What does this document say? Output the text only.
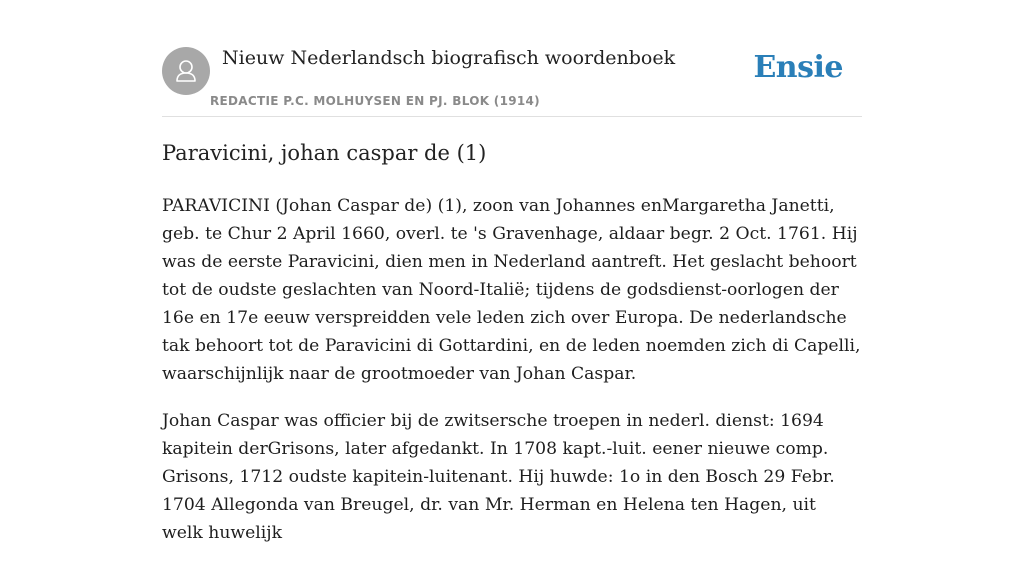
Nieuw Nederlandsch biografisch woordenboek
REDACTIE P.C. MOLHUYSEN EN PJ. BLOK (1914)
Ensie
Paravicini, johan caspar de (1)

PARAVICINI (Johan Caspar de) (1), zoon van Johannes enMargaretha Janetti, geb. te Chur 2 April 1660, overl. te 's Gravenhage, aldaar begr. 2 Oct. 1761. Hij was de eerste Paravicini, dien men in Nederland aantreft. Het geslacht behoort tot de oudste geslachten van Noord-Italië; tijdens de godsdienst-oorlogen der 16e en 17e eeuw verspreidden vele leden zich over Europa. De nederlandsche tak behoort tot de Paravicini di Gottardini, en de leden noemden zich di Capelli, waarschijnlijk naar de grootmoeder van Johan Caspar.

Johan Caspar was officier bij de zwitsersche troepen in nederl. dienst: 1694 kapitein derGrisons, later afgedankt. In 1708 kapt.-luit. eener nieuwe comp. Grisons, 1712 oudste kapitein-luitenant. Hij huwde: 1o in den Bosch 29 Febr. 1704 Allegonda van Breugel, dr. van Mr. Herman en Helena ten Hagen, uit welk huwelijk
